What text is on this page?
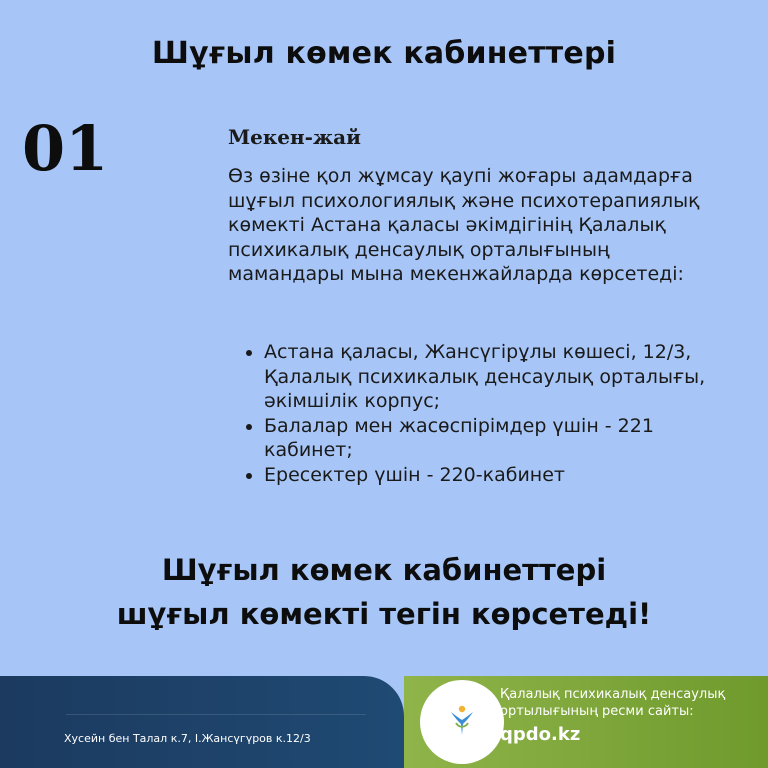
Шұғыл көмек кабинеттері
01	Мекен-жай

Өз өзіне қол жұмсау қаупі жоғары адамдарға шұғыл психологиялық және психотерапиялық көмекті Астана қаласы әкімдігінің Қалалық психикалық денсаулық орталығының мамандары мына мекенжайларда көрсетеді:

• Астана қаласы, Жансүгірұлы көшесі, 12/3, Қалалық психикалық денсаулық орталығы, әкімшілік корпус;
• Балалар мен жасөспірімдер үшін - 221 кабинет;
• Ересектер үшін - 220-кабинет
Шұғыл көмек кабинеттері
шұғыл көмекті тегін көрсетеді!
Хусейн бен Талал к.7, І.Жансүгүров к.12/3
Қалалық психикалық денсаулық
ортылығының ресми сайты:
qpdo.kz
